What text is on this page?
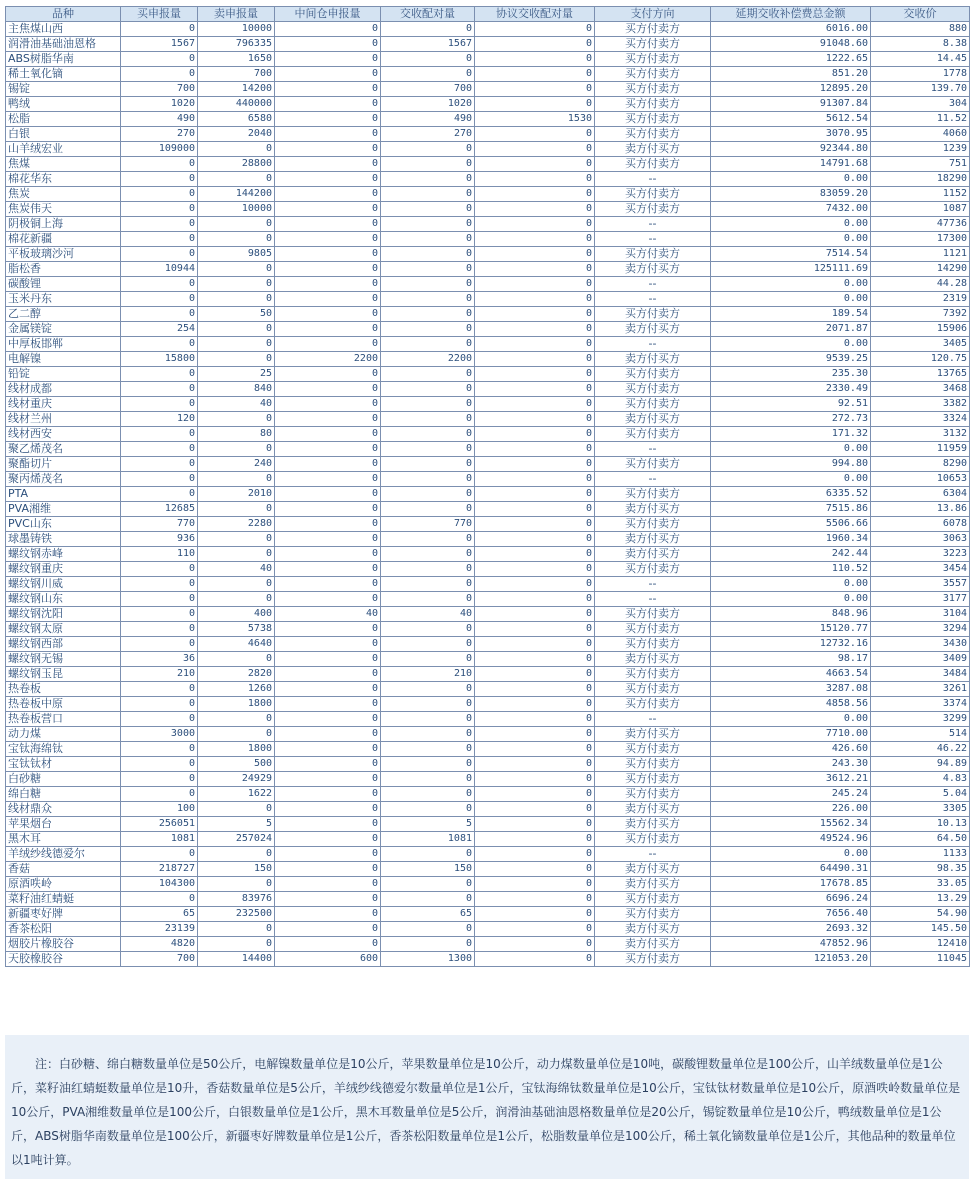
品种	买申报量	卖申报量	中间仓申报量	交收配对量	协议交收配对量	支付方向	延期交收补偿费总金额	交收价
主焦煤山西	0	10000	0	0	0	买方付卖方	6016.00	880
润滑油基础油恩格	1567	796335	0	1567	0	买方付卖方	91048.60	8.38
ABS树脂华南	0	1650	0	0	0	买方付卖方	1222.65	14.45
稀土氧化镝	0	700	0	0	0	买方付卖方	851.20	1778
锡锭	700	14200	0	700	0	买方付卖方	12895.20	139.70
鸭绒	1020	440000	0	1020	0	买方付卖方	91307.84	304
松脂	490	6580	0	490	1530	买方付卖方	5612.54	11.52
白银	270	2040	0	270	0	买方付卖方	3070.95	4060
山羊绒宏业	109000	0	0	0	0	卖方付买方	92344.80	1239
焦煤	0	28800	0	0	0	买方付卖方	14791.68	751
棉花华东	0	0	0	0	0	--	0.00	18290
焦炭	0	144200	0	0	0	买方付卖方	83059.20	1152
焦炭伟天	0	10000	0	0	0	买方付卖方	7432.00	1087
阴极铜上海	0	0	0	0	0	--	0.00	47736
棉花新疆	0	0	0	0	0	--	0.00	17300
平板玻璃沙河	0	9805	0	0	0	买方付卖方	7514.54	1121
脂松香	10944	0	0	0	0	卖方付买方	125111.69	14290
碳酸锂	0	0	0	0	0	--	0.00	44.28
玉米丹东	0	0	0	0	0	--	0.00	2319
乙二醇	0	50	0	0	0	买方付卖方	189.54	7392
金属镁锭	254	0	0	0	0	卖方付买方	2071.87	15906
中厚板邯郸	0	0	0	0	0	--	0.00	3405
电解镍	15800	0	2200	2200	0	卖方付买方	9539.25	120.75
铅锭	0	25	0	0	0	买方付卖方	235.30	13765
线材成都	0	840	0	0	0	买方付卖方	2330.49	3468
线材重庆	0	40	0	0	0	买方付卖方	92.51	3382
线材兰州	120	0	0	0	0	卖方付买方	272.73	3324
线材西安	0	80	0	0	0	买方付卖方	171.32	3132
聚乙烯茂名	0	0	0	0	0	--	0.00	11959
聚酯切片	0	240	0	0	0	买方付卖方	994.80	8290
聚丙烯茂名	0	0	0	0	0	--	0.00	10653
PTA	0	2010	0	0	0	买方付卖方	6335.52	6304
PVA湘维	12685	0	0	0	0	卖方付买方	7515.86	13.86
PVC山东	770	2280	0	770	0	买方付卖方	5506.66	6078
球墨铸铁	936	0	0	0	0	卖方付买方	1960.34	3063
螺纹钢赤峰	110	0	0	0	0	卖方付买方	242.44	3223
螺纹钢重庆	0	40	0	0	0	买方付卖方	110.52	3454
螺纹钢川威	0	0	0	0	0	--	0.00	3557
螺纹钢山东	0	0	0	0	0	--	0.00	3177
螺纹钢沈阳	0	400	40	40	0	买方付卖方	848.96	3104
螺纹钢太原	0	5738	0	0	0	买方付卖方	15120.77	3294
螺纹钢西部	0	4640	0	0	0	买方付卖方	12732.16	3430
螺纹钢无锡	36	0	0	0	0	卖方付买方	98.17	3409
螺纹钢玉昆	210	2820	0	210	0	买方付卖方	4663.54	3484
热卷板	0	1260	0	0	0	买方付卖方	3287.08	3261
热卷板中原	0	1800	0	0	0	买方付卖方	4858.56	3374
热卷板营口	0	0	0	0	0	--	0.00	3299
动力煤	3000	0	0	0	0	卖方付买方	7710.00	514
宝钛海绵钛	0	1800	0	0	0	买方付卖方	426.60	46.22
宝钛钛材	0	500	0	0	0	买方付卖方	243.30	94.89
白砂糖	0	24929	0	0	0	买方付卖方	3612.21	4.83
绵白糖	0	1622	0	0	0	买方付卖方	245.24	5.04
线材鼎众	100	0	0	0	0	卖方付买方	226.00	3305
苹果烟台	256051	5	0	5	0	卖方付买方	15562.34	10.13
黑木耳	1081	257024	0	1081	0	买方付卖方	49524.96	64.50
羊绒纱线德爱尔	0	0	0	0	0	--	0.00	1133
香菇	218727	150	0	150	0	卖方付买方	64490.31	98.35
原酒呹岭	104300	0	0	0	0	卖方付买方	17678.85	33.05
菜籽油红蜻蜓	0	83976	0	0	0	买方付卖方	6696.24	13.29
新疆枣好牌	65	232500	0	65	0	买方付卖方	7656.40	54.90
香茶松阳	23139	0	0	0	0	卖方付买方	2693.32	145.50
烟胶片橡胶谷	4820	0	0	0	0	卖方付买方	47852.96	12410
天胶橡胶谷	700	14400	600	1300	0	买方付卖方	121053.20	11045
注：白砂糖、绵白糖数量单位是50公斤，电解镍数量单位是10公斤，苹果数量单位是10公斤，动力煤数量单位是10吨，碳酸锂数量单位是100公斤，山羊绒数量单位是1公斤，菜籽油红蜻蜓数量单位是10升，香菇数量单位是5公斤，羊绒纱线德爱尔数量单位是1公斤，宝钛海绵钛数量单位是10公斤，宝钛钛材数量单位是10公斤，原酒呹岭数量单位是10公斤，PVA湘维数量单位是100公斤，白银数量单位是1公斤，黑木耳数量单位是5公斤，润滑油基础油恩格数量单位是20公斤，锡锭数量单位是10公斤，鸭绒数量单位是1公斤，ABS树脂华南数量单位是100公斤，新疆枣好牌数量单位是1公斤，香茶松阳数量单位是1公斤，松脂数量单位是100公斤，稀土氧化镝数量单位是1公斤，其他品种的数量单位以1吨计算。
